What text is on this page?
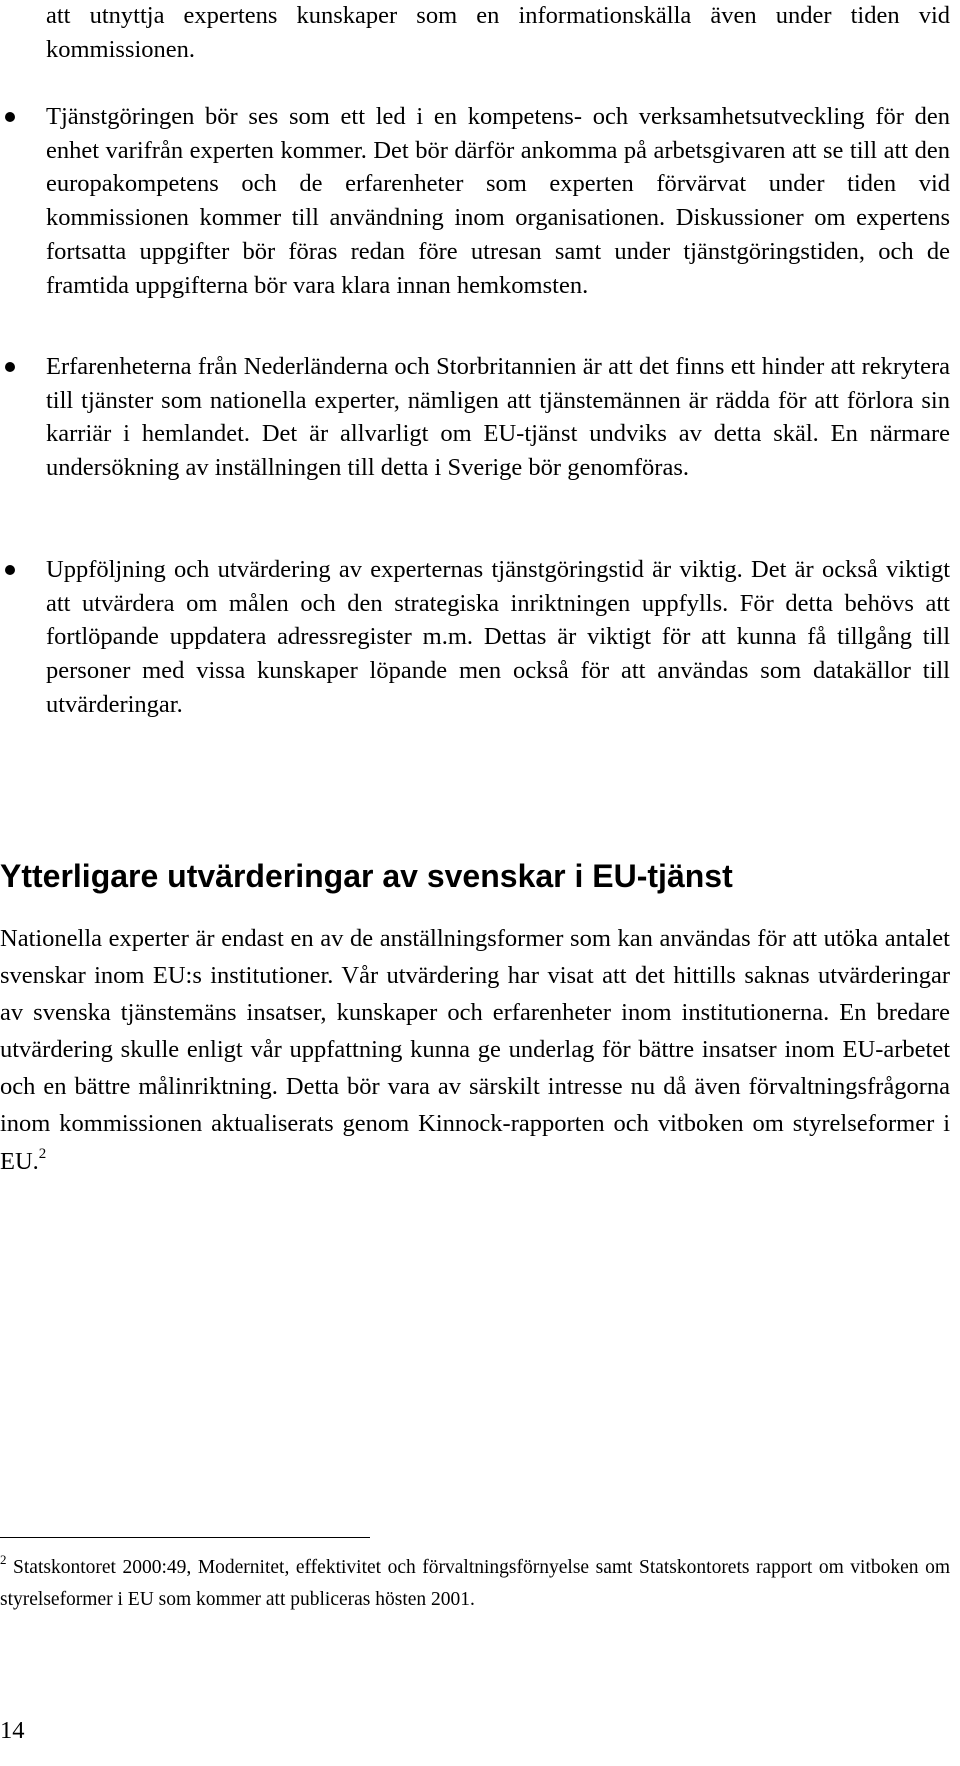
att utnyttja expertens kunskaper som en informationskälla även under tiden vid kommissionen.
Tjänstgöringen bör ses som ett led i en kompetens- och verksamhetsutveckling för den enhet varifrån experten kommer. Det bör därför ankomma på arbetsgivaren att se till att den europakompetens och de erfarenheter som experten förvärvat under tiden vid kommissionen kommer till användning inom organisationen. Diskussioner om expertens fortsatta uppgifter bör föras redan före utresan samt under tjänstgöringstiden, och de framtida uppgifterna bör vara klara innan hemkomsten.
Erfarenheterna från Nederländerna och Storbritannien är att det finns ett hinder att rekrytera till tjänster som nationella experter, nämligen att tjänstemännen är rädda för att förlora sin karriär i hemlandet. Det är allvarligt om EU-tjänst undviks av detta skäl. En närmare undersökning av inställningen till detta i Sverige bör genomföras.
Uppföljning och utvärdering av experternas tjänstgöringstid är viktig. Det är också viktigt att utvärdera om målen och den strategiska inriktningen uppfylls. För detta behövs att fortlöpande uppdatera adressregister m.m. Dettas är viktigt för att kunna få tillgång till personer med vissa kunskaper löpande men också för att användas som datakällor till utvärderingar.
Ytterligare utvärderingar av svenskar i EU-tjänst
Nationella experter är endast en av de anställningsformer som kan användas för att utöka antalet svenskar inom EU:s institutioner. Vår utvärdering har visat att det hittills saknas utvärderingar av svenska tjänstemäns insatser, kunskaper och erfarenheter inom institutionerna. En bredare utvärdering skulle enligt vår uppfattning kunna ge underlag för bättre insatser inom EU-arbetet och en bättre målinriktning. Detta bör vara av särskilt intresse nu då även förvaltningsfrågorna inom kommissionen aktualiserats genom Kinnock-rapporten och vitboken om styrelseformer i EU.$^2$
$^2$ Statskontoret 2000:49, Modernitet, effektivitet och förvaltningsförnyelse samt Statskontorets rapport om vitboken om styrelseformer i EU som kommer att publiceras hösten 2001.
14
